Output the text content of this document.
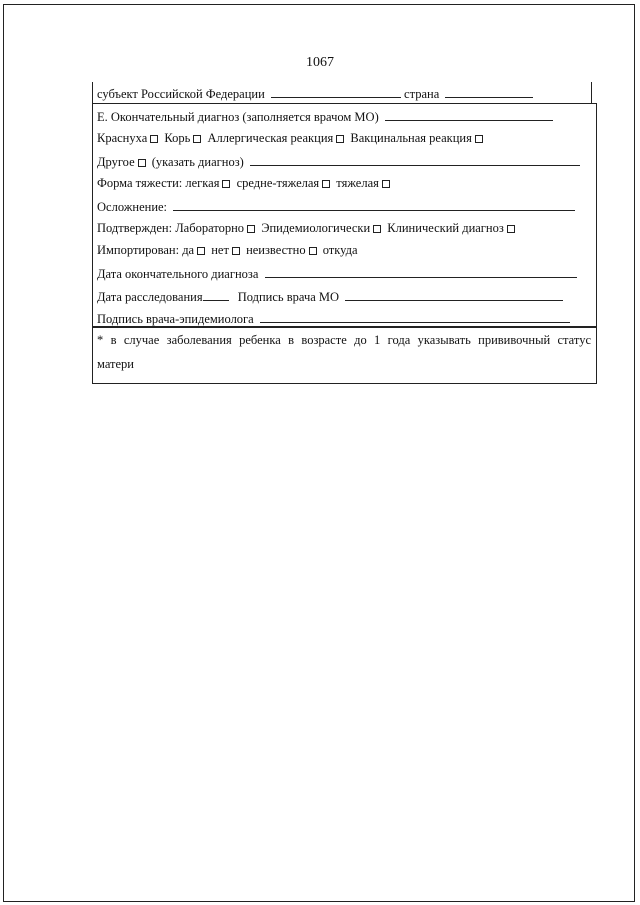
1067
субъект Российской Федерации	страна
Е. Окончательный диагноз (заполняется врачом МО)
Краснуха Корь Аллергическая реакция Вакцинальная реакция
Другое (указать диагноз)
Форма тяжести: легкая средне-тяжелая тяжелая
Осложнение:
Подтвержден: Лабораторно Эпидемиологически Клинический диагноз
Импортирован: да нет неизвестно откуда
Дата окончательного диагноза
Дата расследования	Подпись врача МО
Подпись врача-эпидемиолога
* в случае заболевания ребенка в возрасте до 1 года указывать прививочный статус
матери
